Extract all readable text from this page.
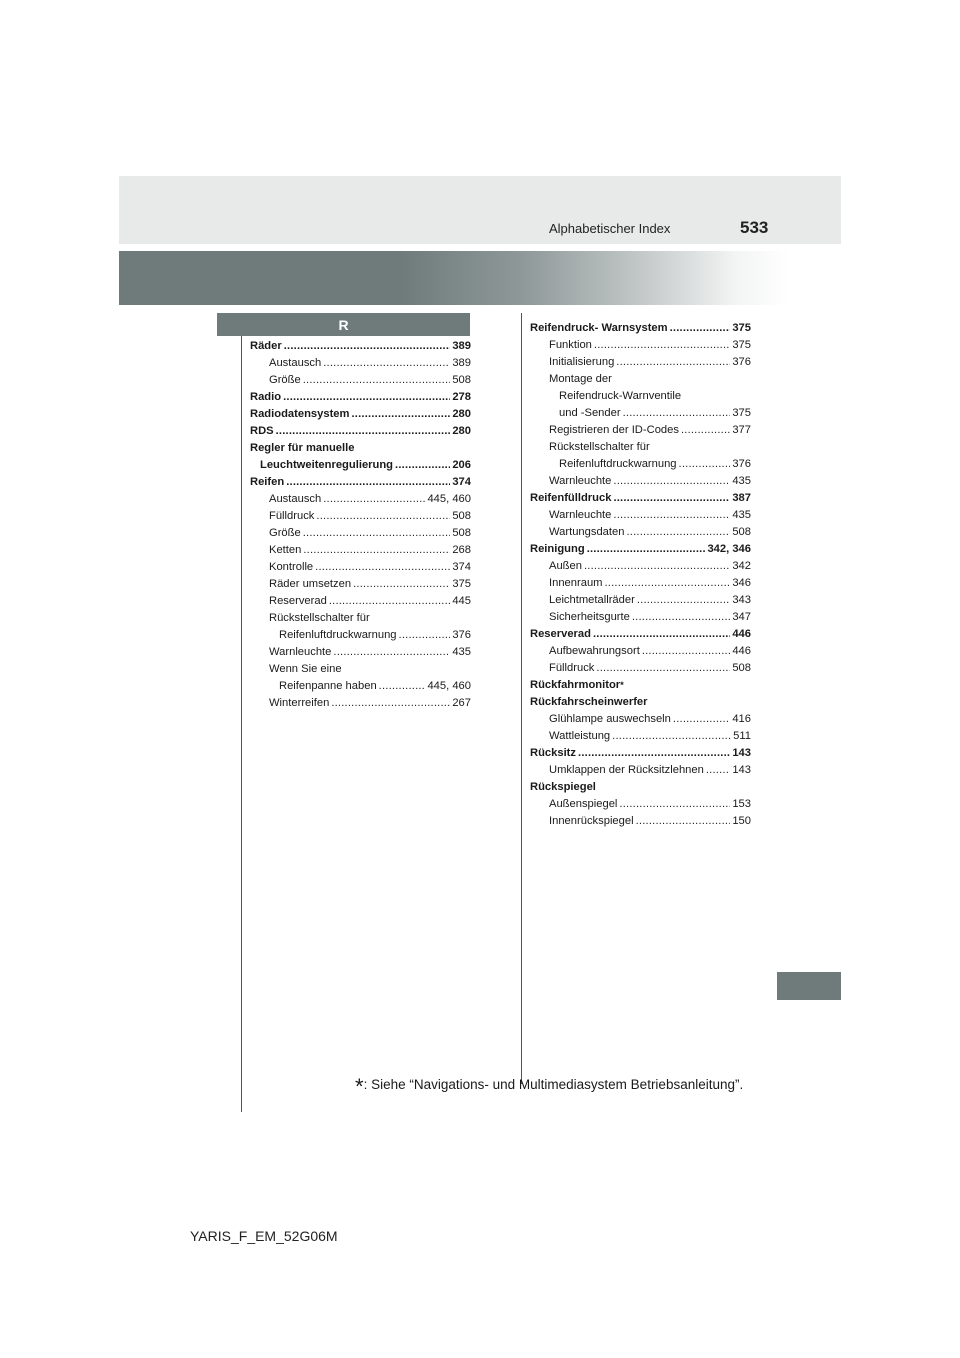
Alphabetischer Index	533
R
Räder .....	389
Austausch .....	389
Größe .....	508
Radio .....	278
Radiodatensystem .....	280
RDS .....	280
Regler für manuelle
Leuchtweitenregulierung .....	206
Reifen .....	374
Austausch .....	445, 460
Fülldruck .....	508
Größe .....	508
Ketten .....	268
Kontrolle .....	374
Räder umsetzen .....	375
Reserverad .....	445
Rückstellschalter für
Reifenluftdruckwarnung .....	376
Warnleuchte .....	435
Wenn Sie eine
Reifenpanne haben .....	445, 460
Winterreifen .....	267
Reifendruck- Warnsystem .....	375
Funktion .....	375
Initialisierung .....	376
Montage der
Reifendruck-Warnventile
und -Sender .....	375
Registrieren der ID-Codes .....	377
Rückstellschalter für
Reifenluftdruckwarnung .....	376
Warnleuchte .....	435
Reifenfülldruck .....	387
Warnleuchte .....	435
Wartungsdaten .....	508
Reinigung .....	342, 346
Außen .....	342
Innenraum .....	346
Leichtmetallräder .....	343
Sicherheitsgurte .....	347
Reserverad .....	446
Aufbewahrungsort .....	446
Fülldruck .....	508
Rückfahrmonitor *
Rückfahrscheinwerfer
Glühlampe auswechseln .....	416
Wattleistung .....	511
Rücksitz .....	143
Umklappen der Rücksitzlehnen .....	143
Rückspiegel
Außenspiegel .....	153
Innenrückspiegel .....	150
*: Siehe “Navigations- und Multimediasystem Betriebsanleitung”.
YARIS_F_EM_52G06M
